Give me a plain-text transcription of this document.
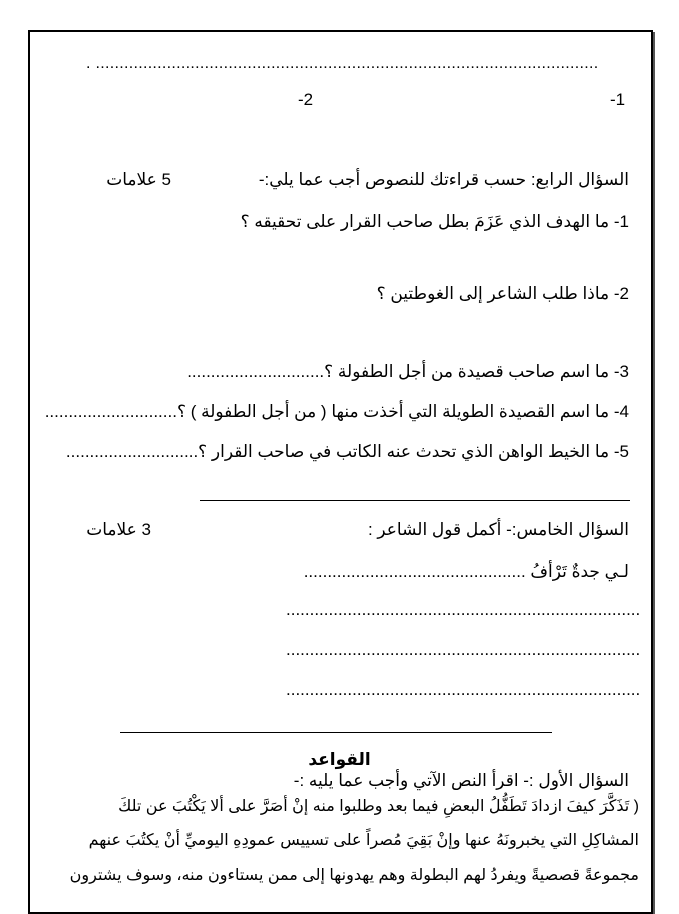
. ..........................................................................................................
-1
-2
السؤال الرابع: حسب قراءتك للنصوص أجب عما يلي:-
5 علامات
1- ما الهدف الذي عَزَمَ بطل صاحب القرار على تحقيقه ؟
2- ماذا طلب الشاعر إلى الغوطتين ؟
3- ما اسم صاحب قصيدة من أجل الطفولة ؟.............................
4- ما اسم القصيدة الطويلة التي أخذت منها ( من أجل الطفولة ) ؟............................
5- ما الخيط الواهن الذي تحدث عنه الكاتب في صاحب القرار ؟............................
السؤال الخامس:- أكمل قول الشاعر :
3 علامات
لـي جدةٌ تَرْأفُ ...............................................
...........................................................................
...........................................................................
...........................................................................
القواعد
السؤال الأول :- اقرأ النص الآتي وأجب عما يليه :-
( تَذَكَّرَ كيفَ ازدادَ تَطَفُّلُ البعضِ فيما بعد وطلبوا منه إنْ أصَرَّ على ألا يَكْتُبَ عن تلكَ
المشاكِلِ التي يخبرونَهُ عنها وإنْ بَقِيَ مُصراً على تسييس عمودِهِ اليوميِّ أنْ يكتُبَ عنهم
مجموعةً قصصيةً ويفردُ لهم البطولة وهم يهدونها إلى ممن يستاءون منه، وسوف يشترون
